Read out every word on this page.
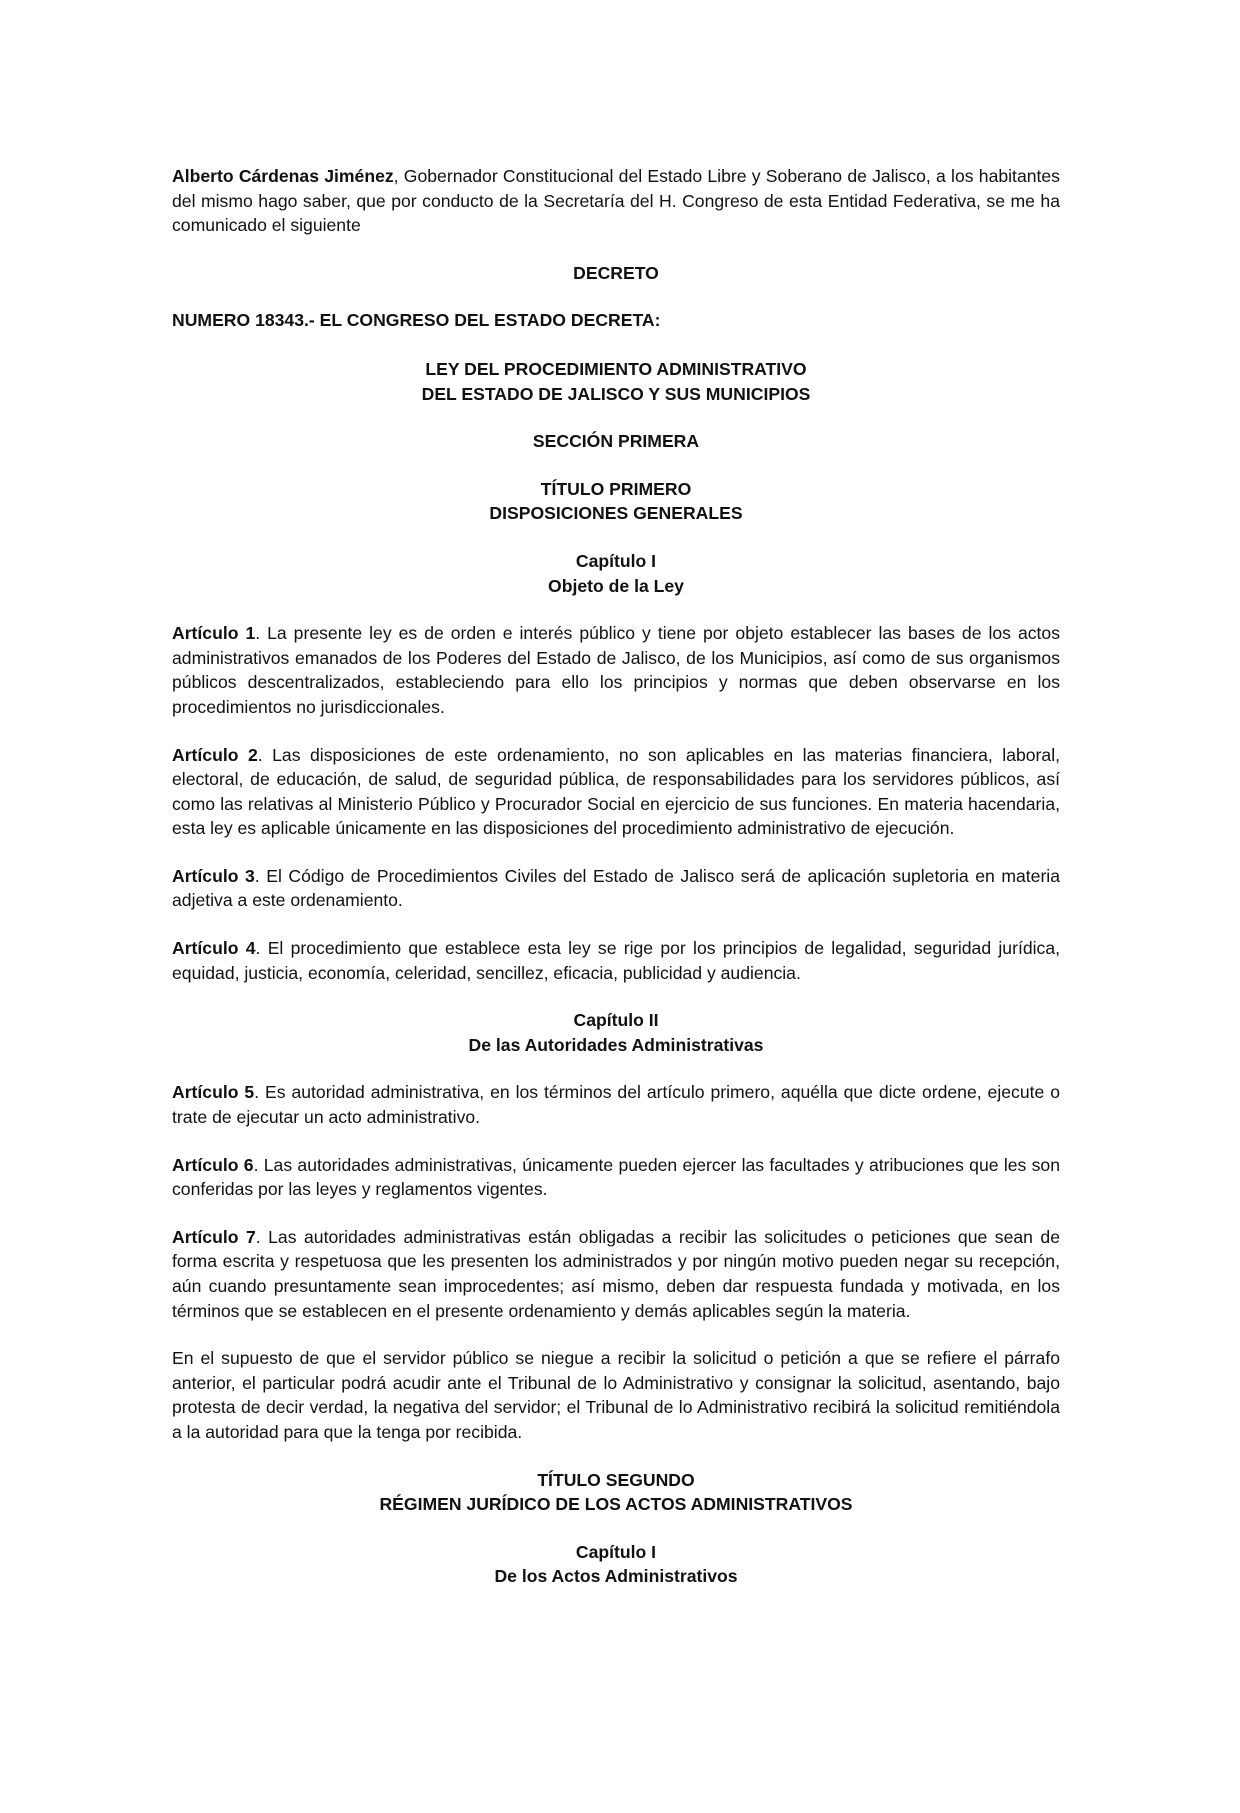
Alberto Cárdenas Jiménez, Gobernador Constitucional del Estado Libre y Soberano de Jalisco, a los habitantes del mismo hago saber, que por conducto de la Secretaría del H. Congreso de esta Entidad Federativa, se me ha comunicado el siguiente

DECRETO
NUMERO 18343.- EL CONGRESO DEL ESTADO DECRETA:
LEY DEL PROCEDIMIENTO ADMINISTRATIVO
DEL ESTADO DE JALISCO Y SUS MUNICIPIOS
SECCIÓN PRIMERA
TÍTULO PRIMERO
DISPOSICIONES GENERALES
Capítulo I
Objeto de la Ley

Artículo 1. La presente ley es de orden e interés público y tiene por objeto establecer las bases de los actos administrativos emanados de los Poderes del Estado de Jalisco, de los Municipios, así como de sus organismos públicos descentralizados, estableciendo para ello los principios y normas que deben observarse en los procedimientos no jurisdiccionales.

Artículo 2. Las disposiciones de este ordenamiento, no son aplicables en las materias financiera, laboral, electoral, de educación, de salud, de seguridad pública, de responsabilidades para los servidores públicos, así como las relativas al Ministerio Público y Procurador Social en ejercicio de sus funciones. En materia hacendaria, esta ley es aplicable únicamente en las disposiciones del procedimiento administrativo de ejecución.

Artículo 3. El Código de Procedimientos Civiles del Estado de Jalisco será de aplicación supletoria en materia adjetiva a este ordenamiento.

Artículo 4. El procedimiento que establece esta ley se rige por los principios de legalidad, seguridad jurídica, equidad, justicia, economía, celeridad, sencillez, eficacia, publicidad y audiencia.

Capítulo II
De las Autoridades Administrativas

Artículo 5. Es autoridad administrativa, en los términos del artículo primero, aquélla que dicte ordene, ejecute o trate de ejecutar un acto administrativo.

Artículo 6. Las autoridades administrativas, únicamente pueden ejercer las facultades y atribuciones que les son conferidas por las leyes y reglamentos vigentes.

Artículo 7. Las autoridades administrativas están obligadas a recibir las solicitudes o peticiones que sean de forma escrita y respetuosa que les presenten los administrados y por ningún motivo pueden negar su recepción, aún cuando presuntamente sean improcedentes; así mismo, deben dar respuesta fundada y motivada, en los términos que se establecen en el presente ordenamiento y demás aplicables según la materia.

En el supuesto de que el servidor público se niegue a recibir la solicitud o petición a que se refiere el párrafo anterior, el particular podrá acudir ante el Tribunal de lo Administrativo y consignar la solicitud, asentando, bajo protesta de decir verdad, la negativa del servidor; el Tribunal de lo Administrativo recibirá la solicitud remitiéndola a la autoridad para que la tenga por recibida.

TÍTULO SEGUNDO
RÉGIMEN JURÍDICO DE LOS ACTOS ADMINISTRATIVOS
Capítulo I
De los Actos Administrativos
